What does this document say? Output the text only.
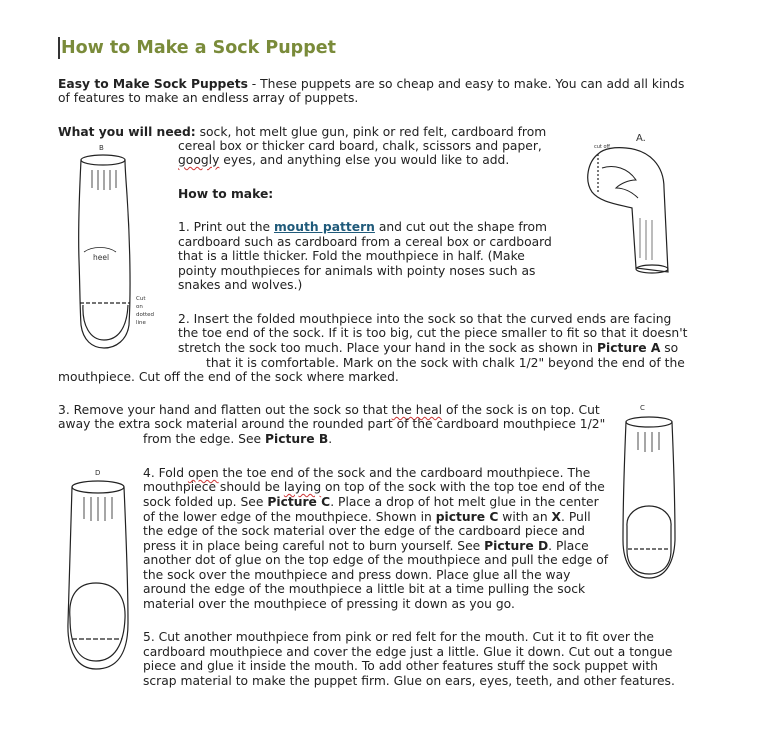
How to Make a Sock Puppet
Easy to Make Sock Puppets - These puppets are so cheap and easy to make. You can add all kinds
of features to make an endless array of puppets.
What you will need: sock, hot melt glue gun, pink or red felt, cardboard from
cereal box or thicker card board, chalk, scissors and paper,
googly eyes, and anything else you would like to add.
How to make:
1. Print out the mouth pattern and cut out the shape from
cardboard such as cardboard from a cereal box or cardboard
that is a little thicker. Fold the mouthpiece in half. (Make
pointy mouthpieces for animals with pointy noses such as
snakes and wolves.)
2. Insert the folded mouthpiece into the sock so that the curved ends are facing
the toe end of the sock. If it is too big, cut the piece smaller to fit so that it doesn't
stretch the sock too much. Place your hand in the sock as shown in Picture A so
that it is comfortable. Mark on the sock with chalk 1/2" beyond the end of the
mouthpiece. Cut off the end of the sock where marked.
3. Remove your hand and flatten out the sock so that the heal of the sock is on top. Cut
away the extra sock material around the rounded part of the cardboard mouthpiece 1/2"
from the edge. See Picture B.
4. Fold open the toe end of the sock and the cardboard mouthpiece. The
mouthpiece should be laying on top of the sock with the top toe end of the
sock folded up. See Picture C. Place a drop of hot melt glue in the center
of the lower edge of the mouthpiece. Shown in picture C with an X. Pull
the edge of the sock material over the edge of the cardboard piece and
press it in place being careful not to burn yourself. See Picture D. Place
another dot of glue on the top edge of the mouthpiece and pull the edge of
the sock over the mouthpiece and press down. Place glue all the way
around the edge of the mouthpiece a little bit at a time pulling the sock
material over the mouthpiece of pressing it down as you go.
5. Cut another mouthpiece from pink or red felt for the mouth. Cut it to fit over the
cardboard mouthpiece and cover the edge just a little. Glue it down. Cut out a tongue
piece and glue it inside the mouth. To add other features stuff the sock puppet with
scrap material to make the puppet firm. Glue on ears, eyes, teeth, and other features.
B
heel
Cut
on
dotted
line
A.
cut off
C
D
